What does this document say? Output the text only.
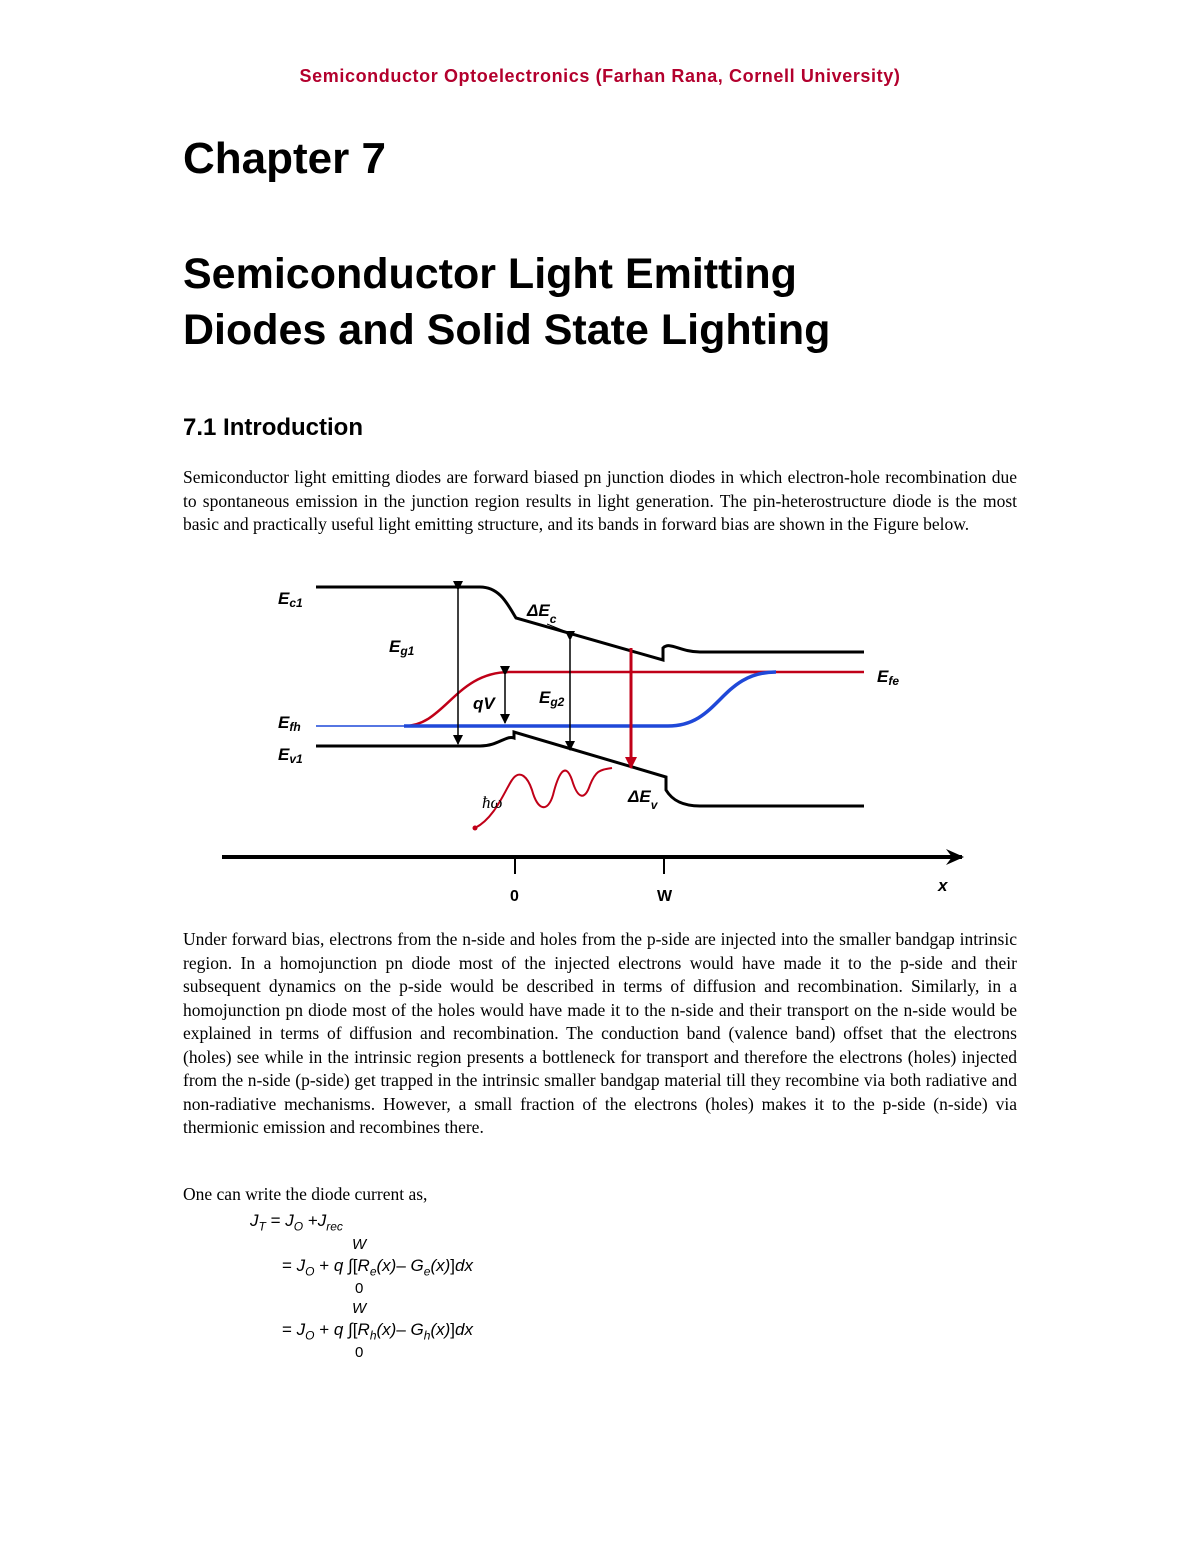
Semiconductor Optoelectronics (Farhan Rana, Cornell University)
Chapter 7
Semiconductor Light Emitting
Diodes and Solid State Lighting
7.1 Introduction

Semiconductor light emitting diodes are forward biased pn junction diodes in which electron-hole recombination due to spontaneous emission in the junction region results in light generation. The pin-heterostructure diode is the most basic and practically useful light emitting structure, and its bands in forward bias are shown in the Figure below.

Ec1
Eg1
$\Delta E_c$
qV	Eg2
Efh
Ev1
Efe
$\Delta E_v$
0	W
x
ħω

Under forward bias, electrons from the n-side and holes from the p-side are injected into the smaller bandgap intrinsic region. In a homojunction pn diode most of the injected electrons would have made it to the p-side and their subsequent dynamics on the p-side would be described in terms of diffusion and recombination. Similarly, in a homojunction pn diode most of the holes would have made it to the n-side and their transport on the n-side would be explained in terms of diffusion and recombination. The conduction band (valence band) offset that the electrons (holes) see while in the intrinsic region presents a bottleneck for transport and therefore the electrons (holes) injected from the n-side (p-side) get trapped in the intrinsic smaller bandgap material till they recombine via both radiative and non-radiative mechanisms. However, a small fraction of the electrons (holes) makes it to the p-side (n-side) via thermionic emission and recombines there.

One can write the diode current as,

$J_T = J_O +J_{rec}$
W
= $J_O + q$ $\int[R_e(x)-$ $G_e(x)]dx$
0
W
= $J_O + q$ $\int[R_h(x)-$ $G_h(x)]dx$
0
